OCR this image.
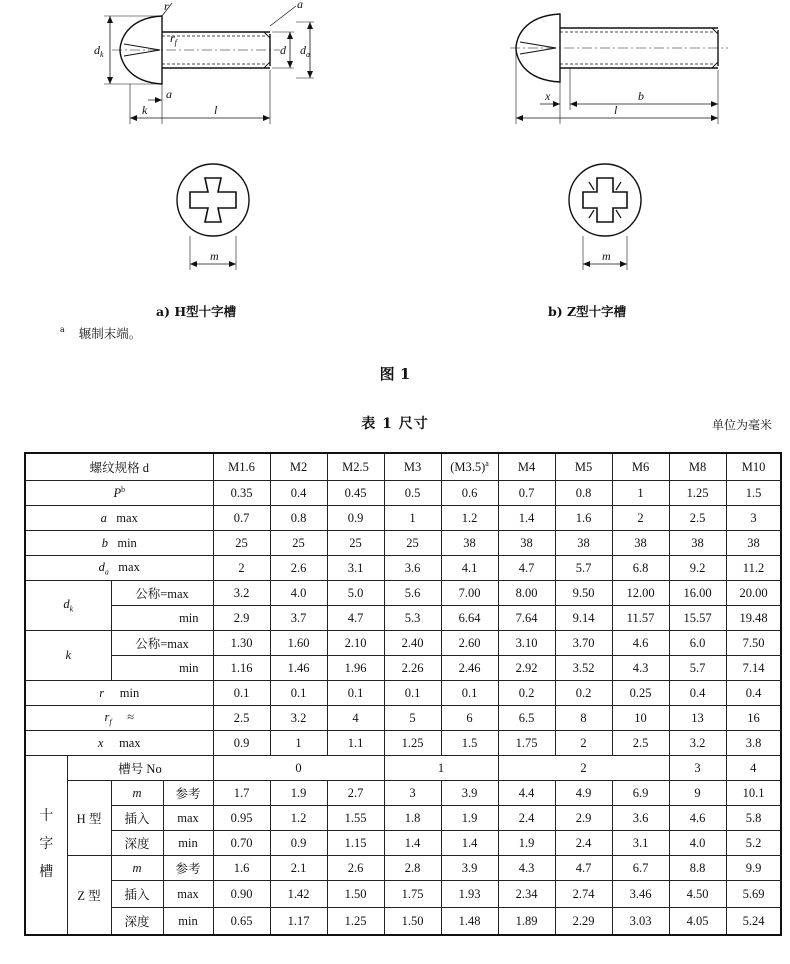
$d_k$	d $d_a$
r
$r_f$
a
a
k	l
m
x	b
l
m
a) H型十字槽	b) Z型十字槽
$^a$ 辗制末端。
图 1
表 1 尺寸	单位为毫米
螺纹规格 d				M1.6	M2	M2.5	M3	$(M3.5)^a$	M4	M5	M6	M8	M10
$P^b$				0.35	0.4	0.45	0.5	0.6	0.7	0.8	1	1.25	1.5
a max				0.7	0.8	0.9	1	1.2	1.4	1.6	2	2.5	3
b min				25	25	25	25	38	38	38	38	38	38
$d_a$ max				2	2.6	3.1	3.6	4.1	4.7	5.7	6.8	9.2	11.2
$d_k$		公称=max		3.2	4.0	5.0	5.6	7.00	8.00	9.50	12.00	16.00	20.00
		min		2.9	3.7	4.7	5.3	6.64	7.64	9.14	11.57	15.57	19.48
k		公称=max		1.30	1.60	2.10	2.40	2.60	3.10	3.70	4.6	6.0	7.50
		min		1.16	1.46	1.96	2.26	2.46	2.92	3.52	4.3	5.7	7.14
r min				0.1	0.1	0.1	0.1	0.1	0.2	0.2	0.25	0.4	0.4
$r_f$ ≈				2.5	3.2	4	5	6	6.5	8	10	13	16
x max				0.9	1	1.1	1.25	1.5	1.75	2	2.5	3.2	3.8
十
字
槽	槽号 No			0			1		2			3	4
	H 型	m	参考	1.7	1.9	2.7	3	3.9	4.4	4.9	6.9	9	10.1
		插入	max	0.95	1.2	1.55	1.8	1.9	2.4	2.9	3.6	4.6	5.8
		深度	min	0.70	0.9	1.15	1.4	1.4	1.9	2.4	3.1	4.0	5.2
	Z 型	m	参考	1.6	2.1	2.6	2.8	3.9	4.3	4.7	6.7	8.8	9.9
		插入	max	0.90	1.42	1.50	1.75	1.93	2.34	2.74	3.46	4.50	5.69
		深度	min	0.65	1.17	1.25	1.50	1.48	1.89	2.29	3.03	4.05	5.24
